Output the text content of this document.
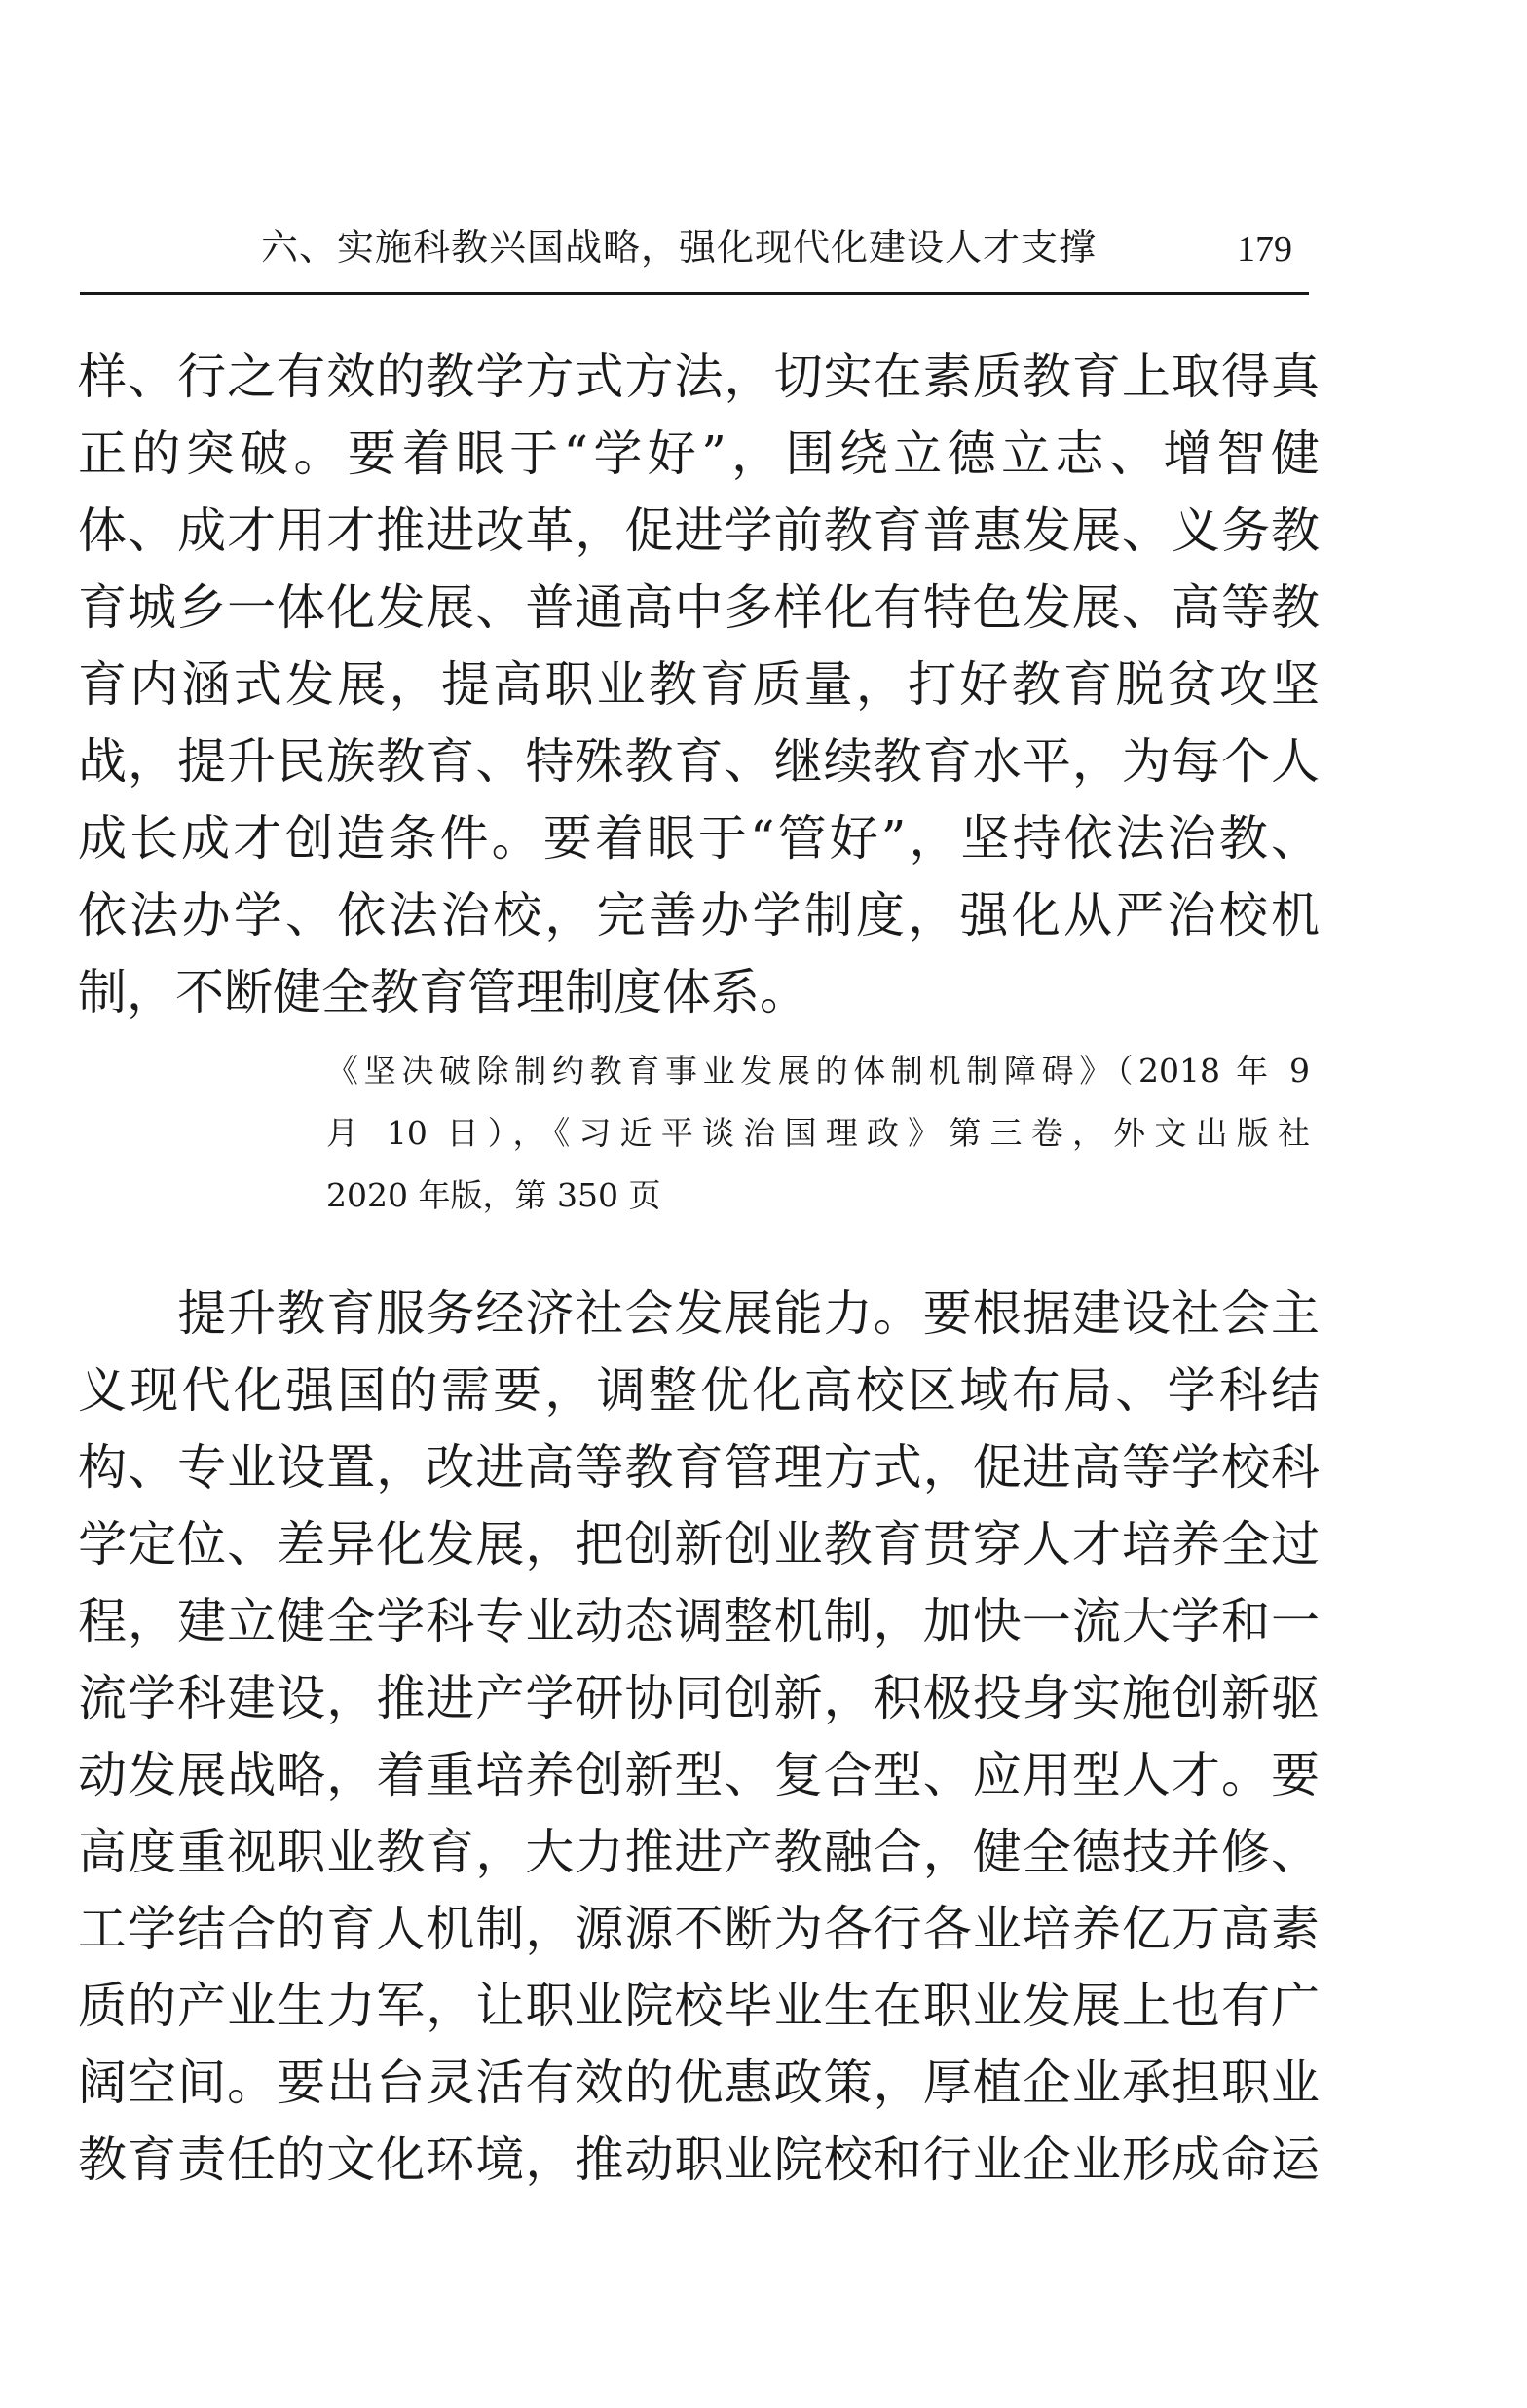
六、实施科教兴国战略，强化现代化建设人才支撑	179
样、行之有效的教学方式方法，切实在素质教育上取得真
正的突破。要着眼于“学好”，围绕立德立志、增智健
体、成才用才推进改革，促进学前教育普惠发展、义务教
育城乡一体化发展、普通高中多样化有特色发展、高等教
育内涵式发展，提高职业教育质量，打好教育脱贫攻坚
战，提升民族教育、特殊教育、继续教育水平，为每个人
成长成才创造条件。要着眼于“管好”，坚持依法治教、
依法办学、依法治校，完善办学制度，强化从严治校机
制，不断健全教育管理制度体系。
《坚决破除制约教育事业发展的体制机制障碍》（2018 年 9
月 10 日），《习近平谈治国理政》第三卷，外文出版社
2020 年版，第 350 页
　　提升教育服务经济社会发展能力。要根据建设社会主
义现代化强国的需要，调整优化高校区域布局、学科结
构、专业设置，改进高等教育管理方式，促进高等学校科
学定位、差异化发展，把创新创业教育贯穿人才培养全过
程，建立健全学科专业动态调整机制，加快一流大学和一
流学科建设，推进产学研协同创新，积极投身实施创新驱
动发展战略，着重培养创新型、复合型、应用型人才。要
高度重视职业教育，大力推进产教融合，健全德技并修、
工学结合的育人机制，源源不断为各行各业培养亿万高素
质的产业生力军，让职业院校毕业生在职业发展上也有广
阔空间。要出台灵活有效的优惠政策，厚植企业承担职业
教育责任的文化环境，推动职业院校和行业企业形成命运
